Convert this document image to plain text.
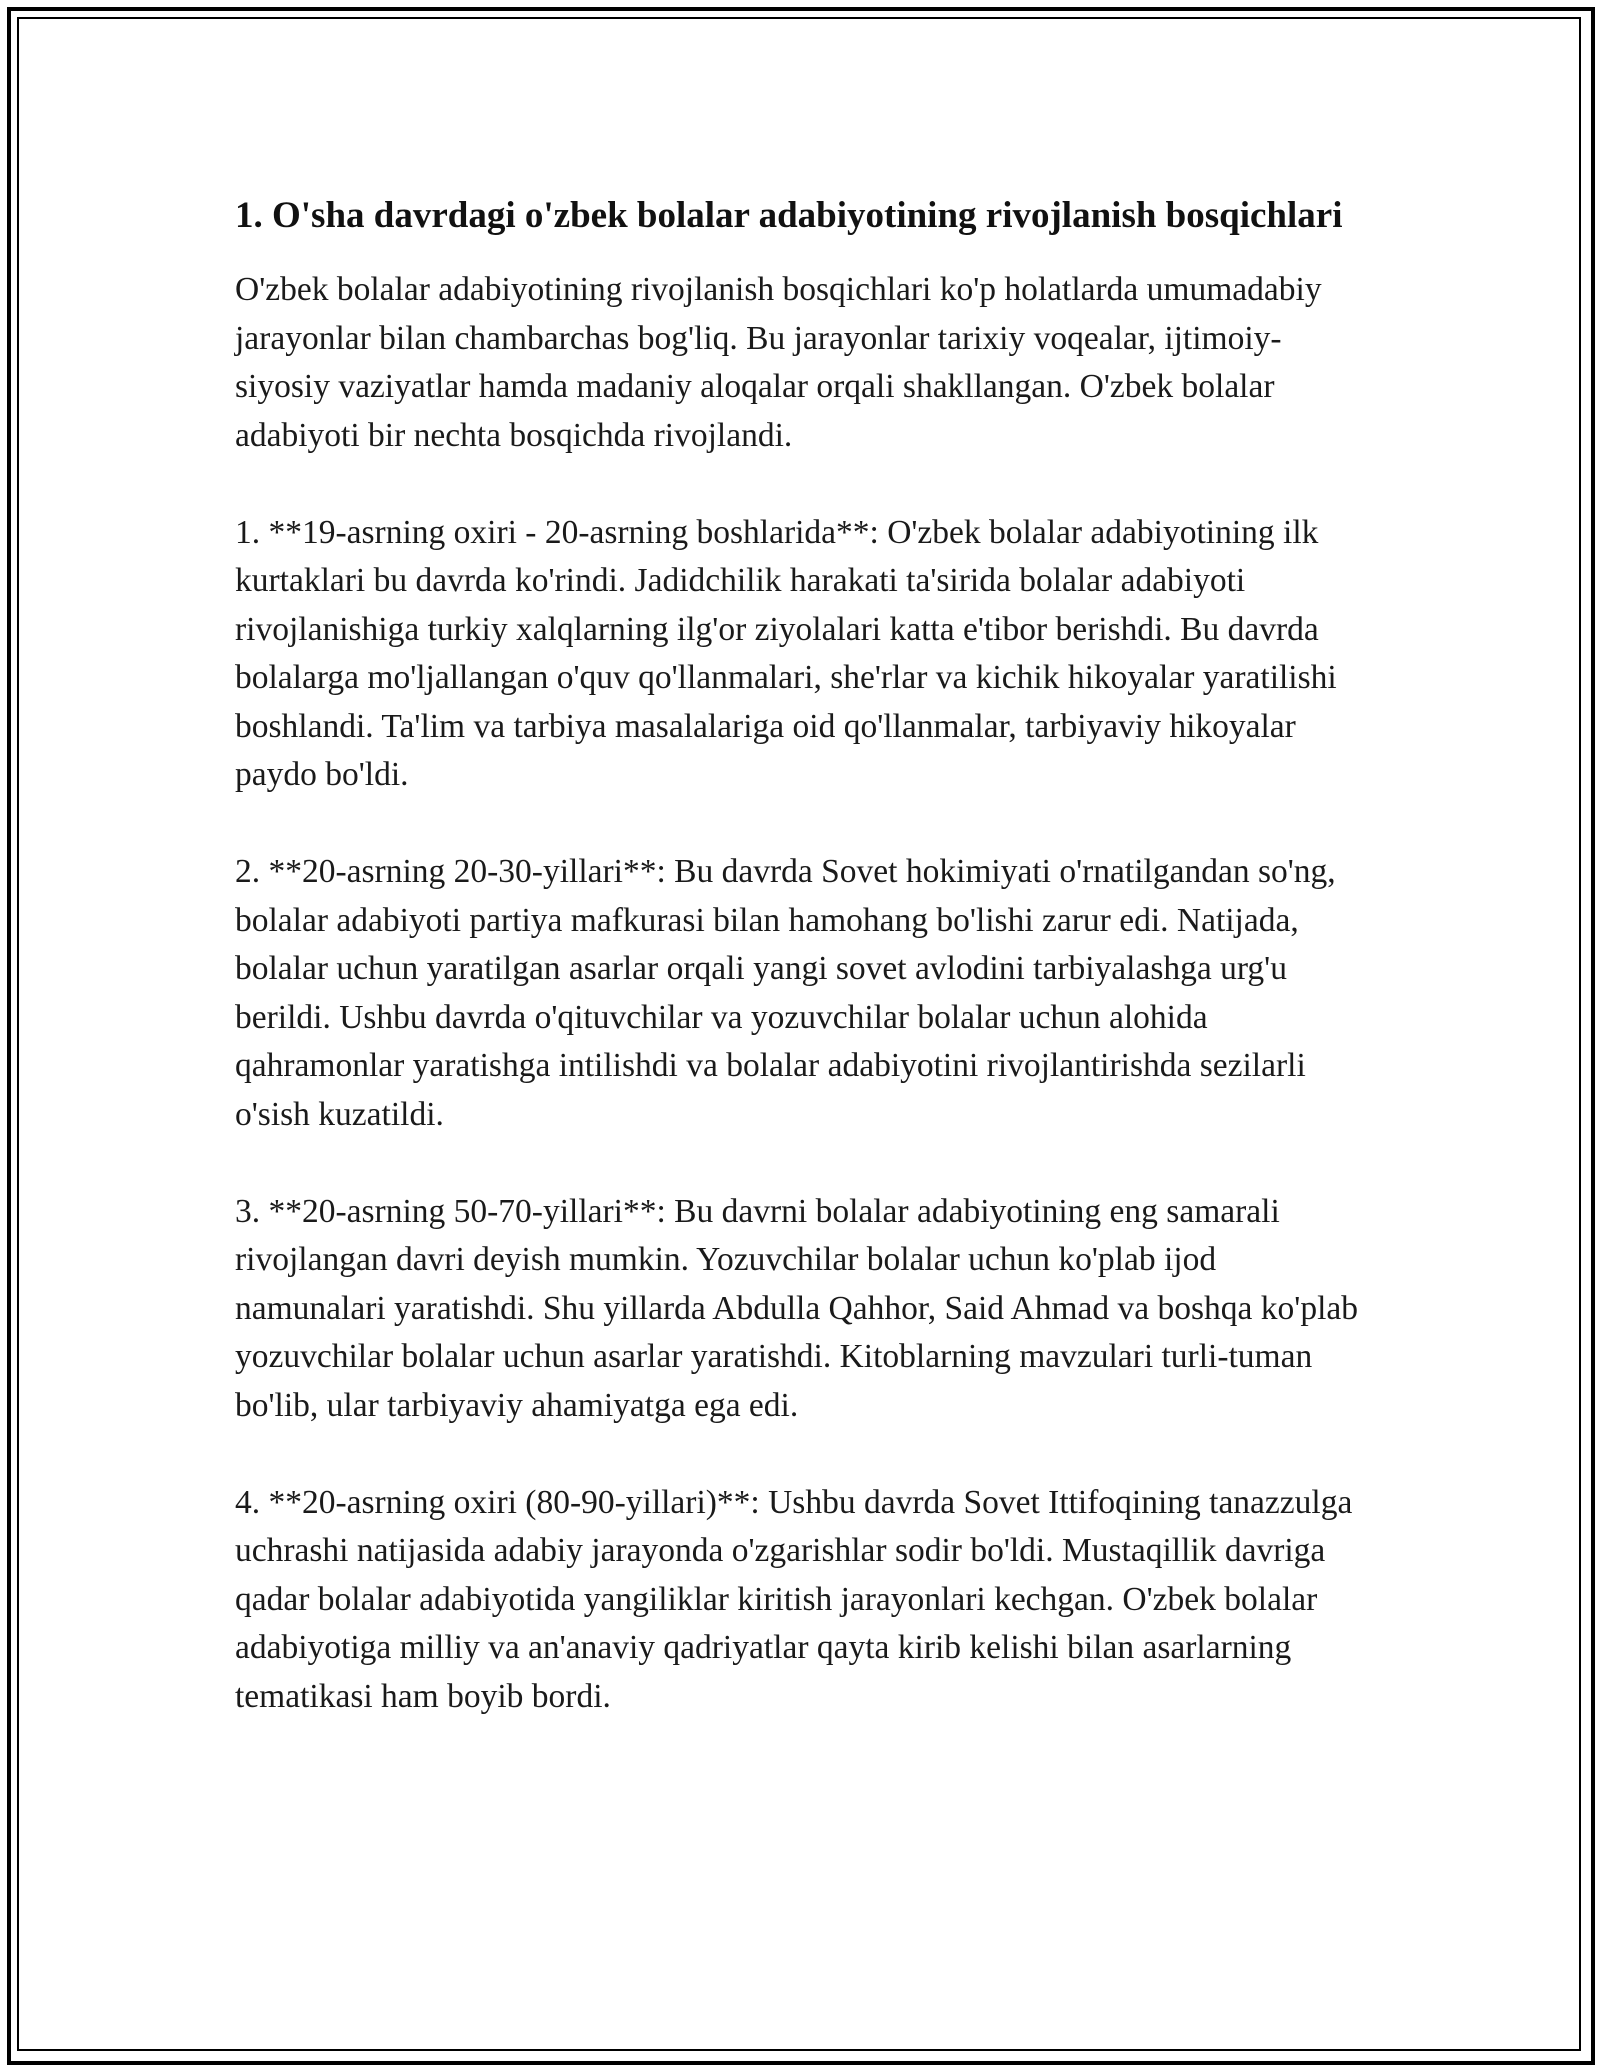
1. O'sha davrdagi o'zbek bolalar adabiyotining rivojlanish bosqichlari

O'zbek bolalar adabiyotining rivojlanish bosqichlari ko'p holatlarda umumadabiy jarayonlar bilan chambarchas bog'liq. Bu jarayonlar tarixiy voqealar, ijtimoiy-siyosiy vaziyatlar hamda madaniy aloqalar orqali shakllangan. O'zbek bolalar adabiyoti bir nechta bosqichda rivojlandi.

1. **19-asrning oxiri - 20-asrning boshlarida**: O'zbek bolalar adabiyotining ilk kurtaklari bu davrda ko'rindi. Jadidchilik harakati ta'sirida bolalar adabiyoti rivojlanishiga turkiy xalqlarning ilg'or ziyolalari katta e'tibor berishdi. Bu davrda bolalarga mo'ljallangan o'quv qo'llanmalari, she'rlar va kichik hikoyalar yaratilishi boshlandi. Ta'lim va tarbiya masalalariga oid qo'llanmalar, tarbiyaviy hikoyalar paydo bo'ldi.

2. **20-asrning 20-30-yillari**: Bu davrda Sovet hokimiyati o'rnatilgandan so'ng, bolalar adabiyoti partiya mafkurasi bilan hamohang bo'lishi zarur edi. Natijada, bolalar uchun yaratilgan asarlar orqali yangi sovet avlodini tarbiyalashga urg'u berildi. Ushbu davrda o'qituvchilar va yozuvchilar bolalar uchun alohida qahramonlar yaratishga intilishdi va bolalar adabiyotini rivojlantirishda sezilarli o'sish kuzatildi.

3. **20-asrning 50-70-yillari**: Bu davrni bolalar adabiyotining eng samarali rivojlangan davri deyish mumkin. Yozuvchilar bolalar uchun ko'plab ijod namunalari yaratishdi. Shu yillarda Abdulla Qahhor, Said Ahmad va boshqa ko'plab yozuvchilar bolalar uchun asarlar yaratishdi. Kitoblarning mavzulari turli-tuman bo'lib, ular tarbiyaviy ahamiyatga ega edi.

4. **20-asrning oxiri (80-90-yillari)**: Ushbu davrda Sovet Ittifoqining tanazzulga uchrashi natijasida adabiy jarayonda o'zgarishlar sodir bo'ldi. Mustaqillik davriga qadar bolalar adabiyotida yangiliklar kiritish jarayonlari kechgan. O'zbek bolalar adabiyotiga milliy va an'anaviy qadriyatlar qayta kirib kelishi bilan asarlarning tematikasi ham boyib bordi.
